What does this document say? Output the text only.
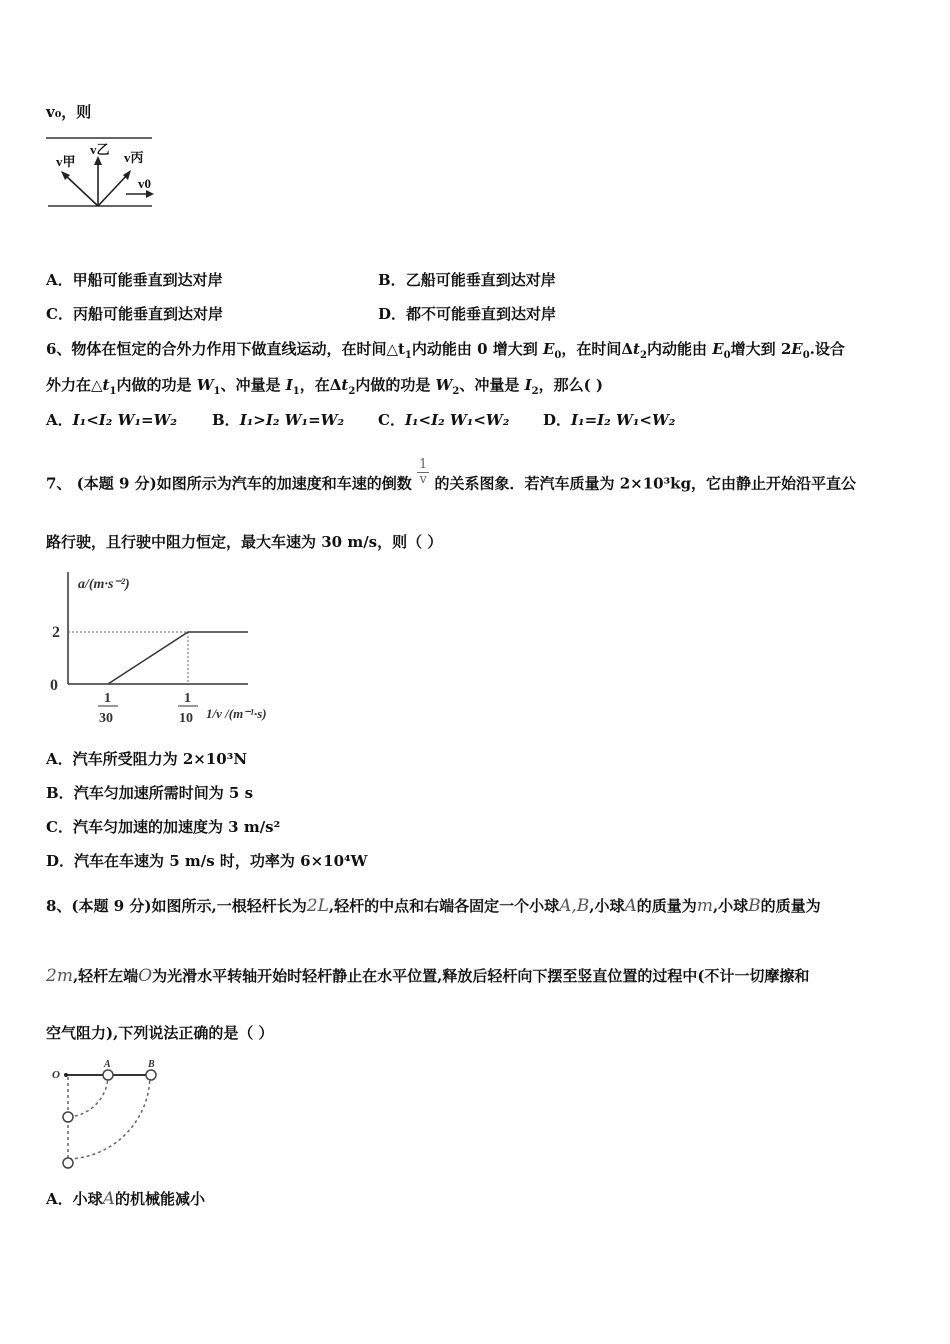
v₀，则
v甲
v乙
v丙
v0
A．甲船可能垂直到达对岸	B．乙船可能垂直到达对岸
C．丙船可能垂直到达对岸	D．都不可能垂直到达对岸
6、物体在恒定的合外力作用下做直线运动，在时间$\triangle t_1$内动能由 0 增大到 $E_0$，在时间$\Delta t_2$内动能由 $E_0$增大到 $2E_0$.设合
外力在$\triangle t_1$内做的功是 $W_1$、冲量是 $I_1$，在$\Delta t_2$内做的功是 $W_2$、冲量是 $I_2$，那么( )
A．I₁<I₂ W₁=W₂ B．I₁>I₂ W₁=W₂ C．I₁<I₂ W₁<W₂ D．I₁=I₂ W₁<W₂
7、 (本题 9 分)如图所示为汽车的加速度和车速的倒数 $\frac{1}{v}$ 的关系图象．若汽车质量为 2×10³kg，它由静止开始沿平直公
路行驶，且行驶中阻力恒定，最大车速为 30 m/s，则（ ）
2
0
a/(m·s⁻²)
1
30
1
10 1/v /(m⁻¹·s)
A．汽车所受阻力为 2×10³N
B．汽车匀加速所需时间为 5 s
C．汽车匀加速的加速度为 3 m/s²
D．汽车在车速为 5 m/s 时，功率为 6×10⁴W
8、(本题 9 分)如图所示,一根轻杆长为2L,轻杆的中点和右端各固定一个小球A,B,小球A的质量为m,小球B的质量为
2m,轻杆左端O为光滑水平转轴开始时轻杆静止在水平位置,释放后轻杆向下摆至竖直位置的过程中(不计一切摩擦和
空气阻力),下列说法正确的是（ ）
O
A	B
A．小球A的机械能减小
